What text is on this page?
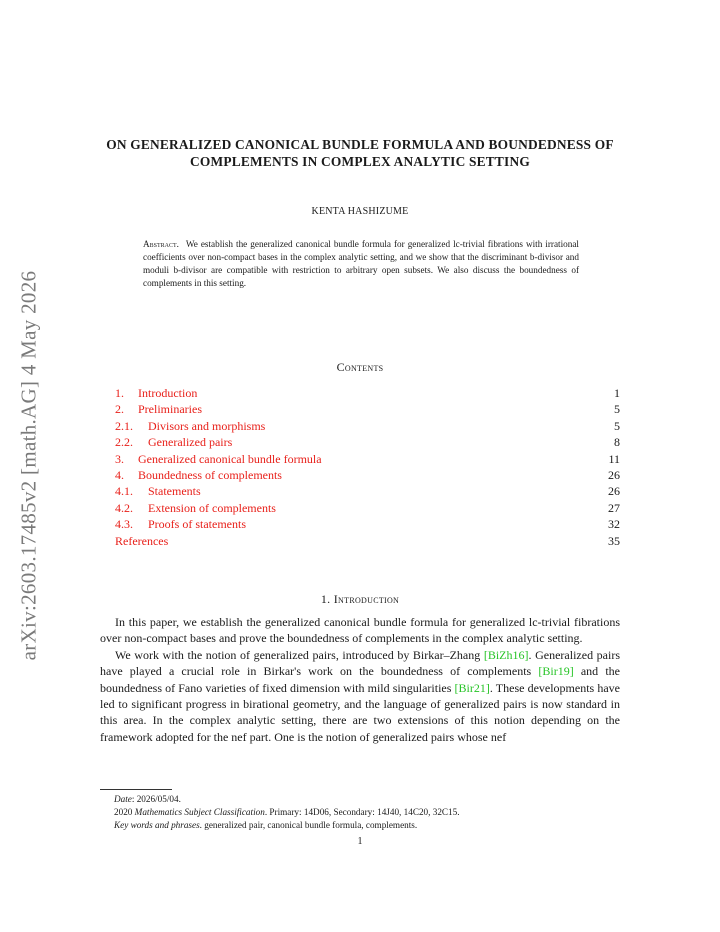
arXiv:2603.17485v2 [math.AG] 4 May 2026
ON GENERALIZED CANONICAL BUNDLE FORMULA AND BOUNDEDNESS OF COMPLEMENTS IN COMPLEX ANALYTIC SETTING
KENTA HASHIZUME
Abstract. We establish the generalized canonical bundle formula for generalized lc-trivial fibrations with irrational coefficients over non-compact bases in the complex analytic setting, and we show that the discriminant b-divisor and moduli b-divisor are compatible with restriction to arbitrary open subsets. We also discuss the boundedness of complements in this setting.
Contents
1.	Introduction	1
2.	Preliminaries	5
2.1.	Divisors and morphisms	5
2.2.	Generalized pairs	8
3.	Generalized canonical bundle formula	11
4.	Boundedness of complements	26
4.1.	Statements	26
4.2.	Extension of complements	27
4.3.	Proofs of statements	32
References	35
1. Introduction

In this paper, we establish the generalized canonical bundle formula for generalized lc-trivial fibrations over non-compact bases and prove the boundedness of complements in the complex analytic setting.

We work with the notion of generalized pairs, introduced by Birkar–Zhang [BiZh16]. Generalized pairs have played a crucial role in Birkar's work on the boundedness of complements [Bir19] and the boundedness of Fano varieties of fixed dimension with mild singularities [Bir21]. These developments have led to significant progress in birational geometry, and the language of generalized pairs is now standard in this area. In the complex analytic setting, there are two extensions of this notion depending on the framework adopted for the nef part. One is the notion of generalized pairs whose nef

Date: 2026/05/04.
2020 Mathematics Subject Classification. Primary: 14D06, Secondary: 14J40, 14C20, 32C15.
Key words and phrases. generalized pair, canonical bundle formula, complements.
1
